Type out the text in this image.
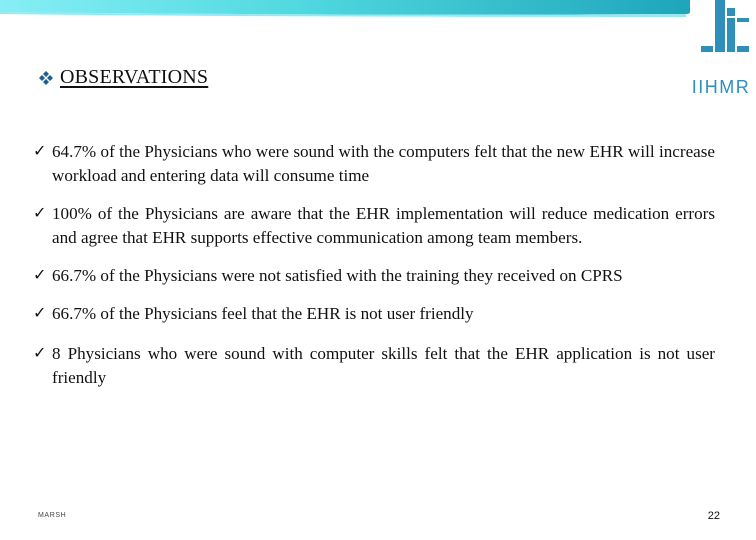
IIHMR
OBSERVATIONS
✓ 64.7% of the Physicians who were sound with the computers felt that the new EHR will increase workload and entering data will consume time
✓ 100% of the Physicians are aware that the EHR implementation will reduce medication errors and agree that EHR supports effective communication among team members.
✓ 66.7% of the Physicians were not satisfied with the training they received on CPRS
✓ 66.7% of the Physicians feel that the EHR is not user friendly
✓ 8 Physicians who were sound with computer skills felt that the EHR application is not user friendly
MARSH	22
